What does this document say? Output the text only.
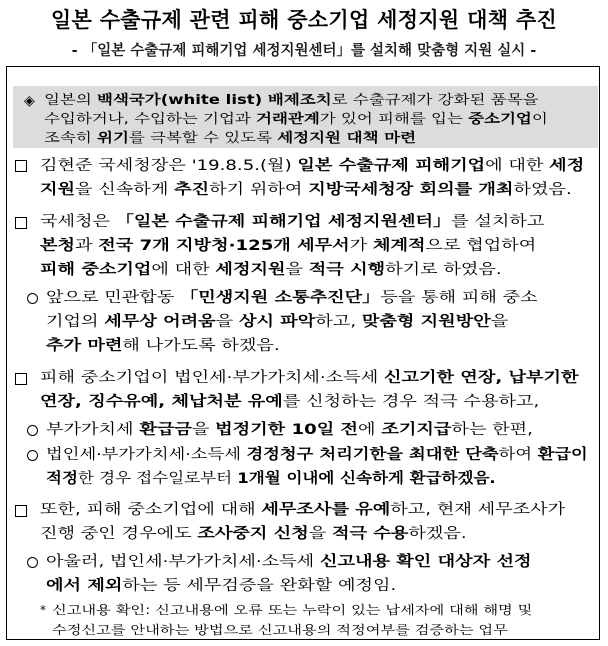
일본 수출규제 관련 피해 중소기업 세정지원 대책 추진
- 「일본 수출규제 피해기업 세정지원센터」를 설치해 맞춤형 지원 실시 -
◈ 일본의 백색국가(white list) 배제조치로 수출규제가 강화된 품목을
수입하거나, 수입하는 기업과 거래관계가 있어 피해를 입는 중소기업이
조속히 위기를 극복할 수 있도록 세정지원 대책 마련
김현준 국세청장은 '19.8.5.(월) 일본 수출규제 피해기업에 대한 세정
지원을 신속하게 추진하기 위하여 지방국세청장 회의를 개최하였음.
국세청은 「일본 수출규제 피해기업 세정지원센터」를 설치하고
본청과 전국 7개 지방청·125개 세무서가 체계적으로 협업하여
피해 중소기업에 대한 세정지원을 적극 시행하기로 하였음.
앞으로 민관합동 「민생지원 소통추진단」등을 통해 피해 중소
기업의 세무상 어려움을 상시 파악하고, 맞춤형 지원방안을
추가 마련해 나가도록 하겠음.
피해 중소기업이 법인세·부가가치세·소득세 신고기한 연장, 납부기한
연장, 징수유예, 체납처분 유예를 신청하는 경우 적극 수용하고,
부가가치세 환급금을 법정기한 10일 전에 조기지급하는 한편,
법인세·부가가치세·소득세 경정청구 처리기한을 최대한 단축하여 환급이
적정한 경우 접수일로부터 1개월 이내에 신속하게 환급하겠음.
또한, 피해 중소기업에 대해 세무조사를 유예하고, 현재 세무조사가
진행 중인 경우에도 조사중지 신청을 적극 수용하겠음.
아울러, 법인세·부가가치세·소득세 신고내용 확인 대상자 선정
에서 제외하는 등 세무검증을 완화할 예정임.
* 신고내용 확인: 신고내용에 오류 또는 누락이 있는 납세자에 대해 해명 및
수정신고를 안내하는 방법으로 신고내용의 적정여부를 검증하는 업무
